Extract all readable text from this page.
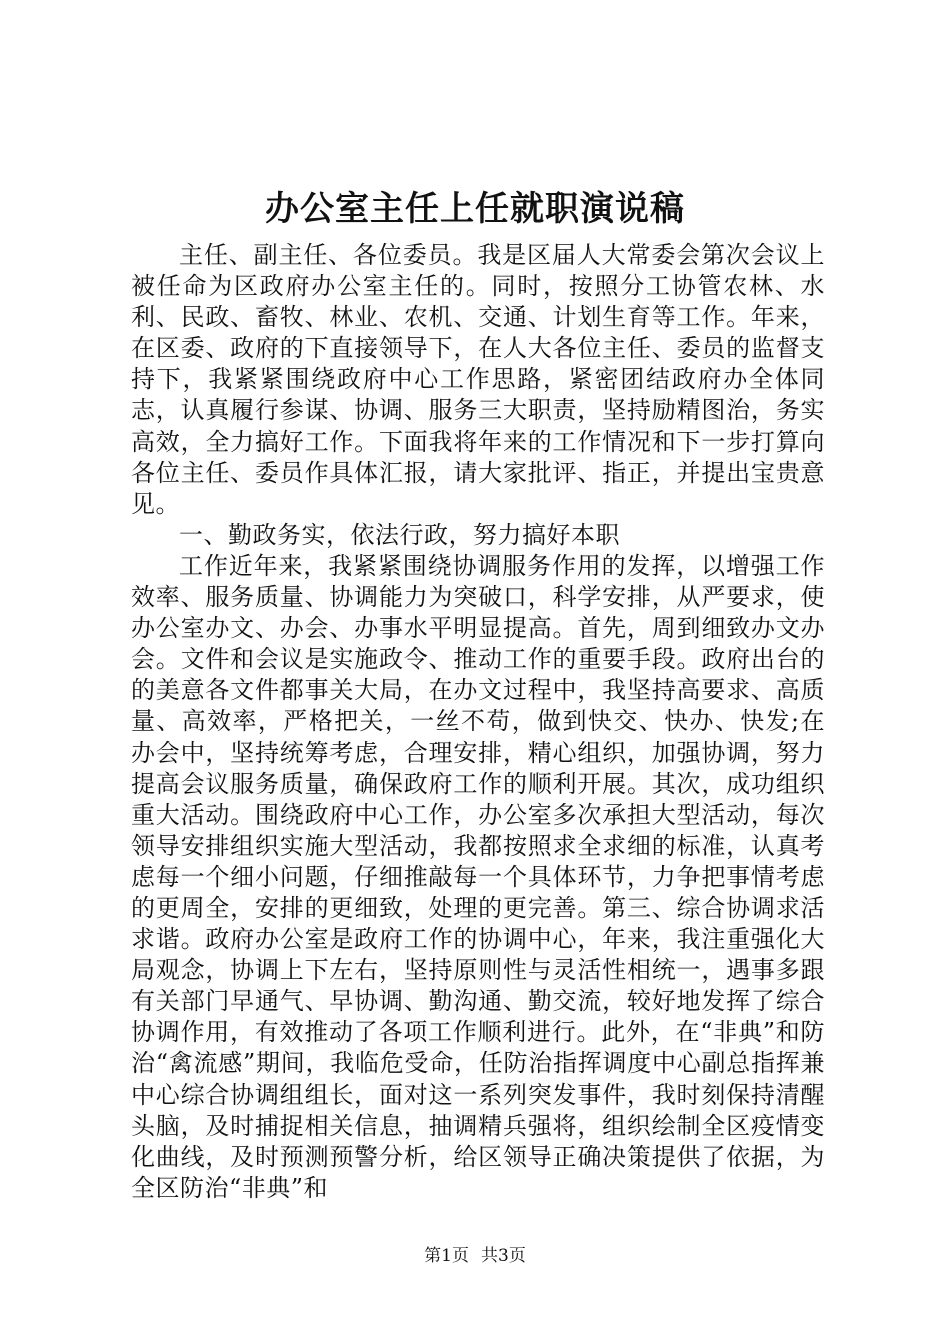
办公室主任上任就职演说稿

主任、副主任、各位委员。我是区届人大常委会第次会议上被任命为区政府办公室主任的。同时，按照分工协管农林、水利、民政、畜牧、林业、农机、交通、计划生育等工作。年来，在区委、政府的下直接领导下，在人大各位主任、委员的监督支持下，我紧紧围绕政府中心工作思路，紧密团结政府办全体同志，认真履行参谋、协调、服务三大职责，坚持励精图治，务实高效，全力搞好工作。下面我将年来的工作情况和下一步打算向各位主任、委员作具体汇报，请大家批评、指正，并提出宝贵意见。

一、勤政务实，依法行政，努力搞好本职

工作近年来，我紧紧围绕协调服务作用的发挥，以增强工作效率、服务质量、协调能力为突破口，科学安排，从严要求，使办公室办文、办会、办事水平明显提高。首先，周到细致办文办会。文件和会议是实施政令、推动工作的重要手段。政府出台的的美意各文件都事关大局，在办文过程中，我坚持高要求、高质量、高效率，严格把关，一丝不苟，做到快交、快办、快发;在办会中，坚持统筹考虑，合理安排，精心组织，加强协调，努力提高会议服务质量，确保政府工作的顺利开展。其次，成功组织重大活动。围绕政府中心工作，办公室多次承担大型活动，每次领导安排组织实施大型活动，我都按照求全求细的标准，认真考虑每一个细小问题，仔细推敲每一个具体环节，力争把事情考虑的更周全，安排的更细致，处理的更完善。第三、综合协调求活求谐。政府办公室是政府工作的协调中心，年来，我注重强化大局观念，协调上下左右，坚持原则性与灵活性相统一，遇事多跟有关部门早通气、早协调、勤沟通、勤交流，较好地发挥了综合协调作用，有效推动了各项工作顺利进行。此外，在“非典”和防治“禽流感”期间，我临危受命，任防治指挥调度中心副总指挥兼中心综合协调组组长，面对这一系列突发事件，我时刻保持清醒头脑，及时捕捉相关信息，抽调精兵强将，组织绘制全区疫情变化曲线，及时预测预警分析，给区领导正确决策提供了依据，为全区防治“非典”和

第1页 共3页
